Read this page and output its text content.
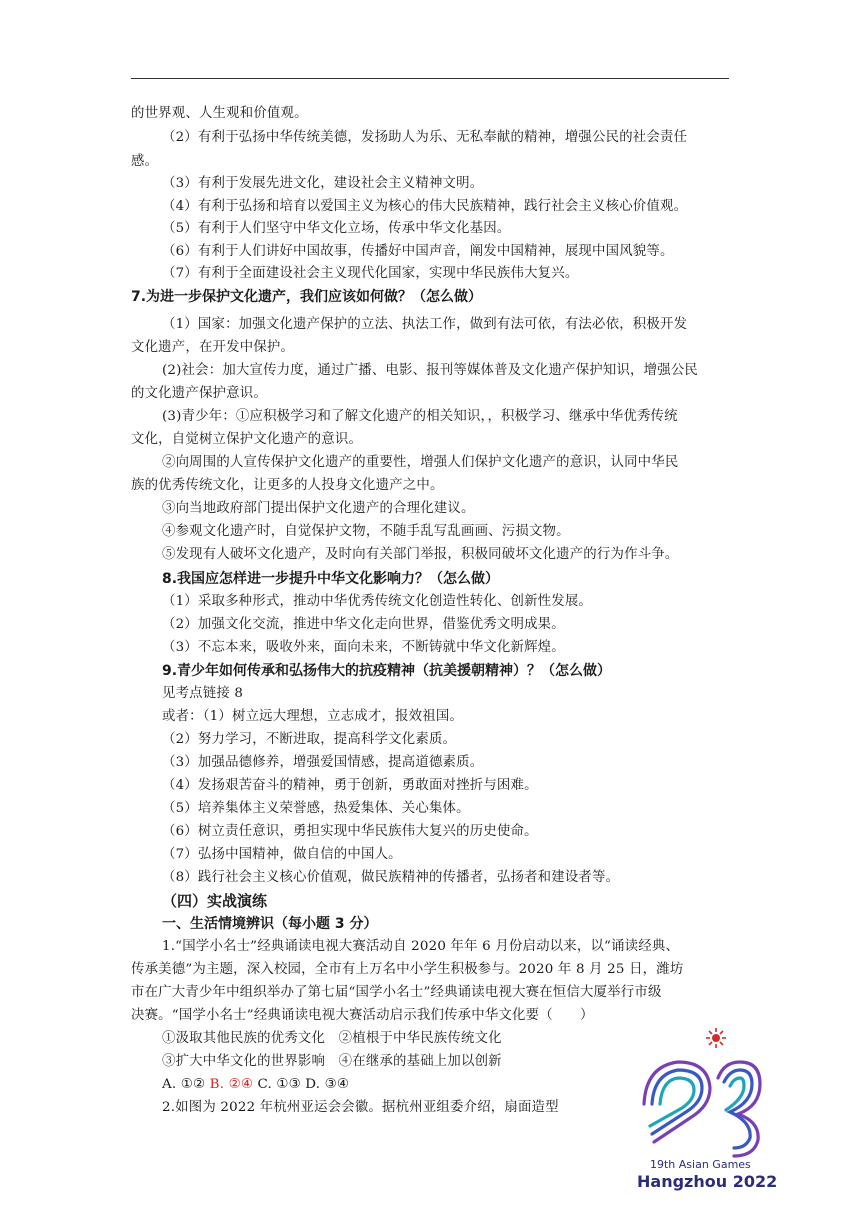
的世界观、人生观和价值观。
（2）有利于弘扬中华传统美德，发扬助人为乐、无私奉献的精神，增强公民的社会责任
感。
（3）有利于发展先进文化，建设社会主义精神文明。
（4）有利于弘扬和培育以爱国主义为核心的伟大民族精神，践行社会主义核心价值观。
（5）有利于人们坚守中华文化立场，传承中华文化基因。
（6）有利于人们讲好中国故事，传播好中国声音，阐发中国精神，展现中国风貌等。
（7）有利于全面建设社会主义现代化国家，实现中华民族伟大复兴。
7.为进一步保护文化遗产，我们应该如何做？（怎么做）
（1）国家：加强文化遗产保护的立法、执法工作，做到有法可依，有法必依，积极开发
文化遗产，在开发中保护。
(2)社会：加大宣传力度，通过广播、电影、报刊等媒体普及文化遗产保护知识，增强公民
的文化遗产保护意识。
(3)青少年：①应积极学习和了解文化遗产的相关知识，，积极学习、继承中华优秀传统
文化，自觉树立保护文化遗产的意识。
②向周围的人宣传保护文化遗产的重要性，增强人们保护文化遗产的意识，认同中华民
族的优秀传统文化，让更多的人投身文化遗产之中。
③向当地政府部门提出保护文化遗产的合理化建议。
④参观文化遗产时，自觉保护文物，不随手乱写乱画画、污损文物。
⑤发现有人破坏文化遗产，及时向有关部门举报，积极同破坏文化遗产的行为作斗争。
8.我国应怎样进一步提升中华文化影响力？（怎么做）
（1）采取多种形式，推动中华优秀传统文化创造性转化、创新性发展。
（2）加强文化交流，推进中华文化走向世界，借鉴优秀文明成果。
（3）不忘本来，吸收外来，面向未来，不断铸就中华文化新辉煌。
9.青少年如何传承和弘扬伟大的抗疫精神（抗美援朝精神）？（怎么做）
见考点链接 8
或者：（1）树立远大理想，立志成才，报效祖国。
（2）努力学习，不断进取，提高科学文化素质。
（3）加强品德修养，增强爱国情感，提高道德素质。
（4）发扬艰苦奋斗的精神，勇于创新，勇敢面对挫折与困难。
（5）培养集体主义荣誉感，热爱集体、关心集体。
（6）树立责任意识，勇担实现中华民族伟大复兴的历史使命。
（7）弘扬中国精神，做自信的中国人。
（8）践行社会主义核心价值观，做民族精神的传播者，弘扬者和建设者等。
（四）实战演练
一、生活情境辨识（每小题 3 分）
1.“国学小名士”经典诵读电视大赛活动自 2020 年年 6 月份启动以来，以“诵读经典、
传承美德”为主题，深入校园，全市有上万名中小学生积极参与。2020 年 8 月 25 日，潍坊
市在广大青少年中组织举办了第七届“国学小名士”经典诵读电视大赛在恒信大厦举行市级
决赛。“国学小名士”经典诵读电视大赛活动启示我们传承中华文化要（　　）
①汲取其他民族的优秀文化　②植根于中华民族传统文化
③扩大中华文化的世界影响　④在继承的基础上加以创新
A. ①② B. ②④ C. ①③ D. ③④
2.如图为 2022 年杭州亚运会会徽。据杭州亚组委介绍，扇面造型
19th Asian Games
Hangzhou 2022
